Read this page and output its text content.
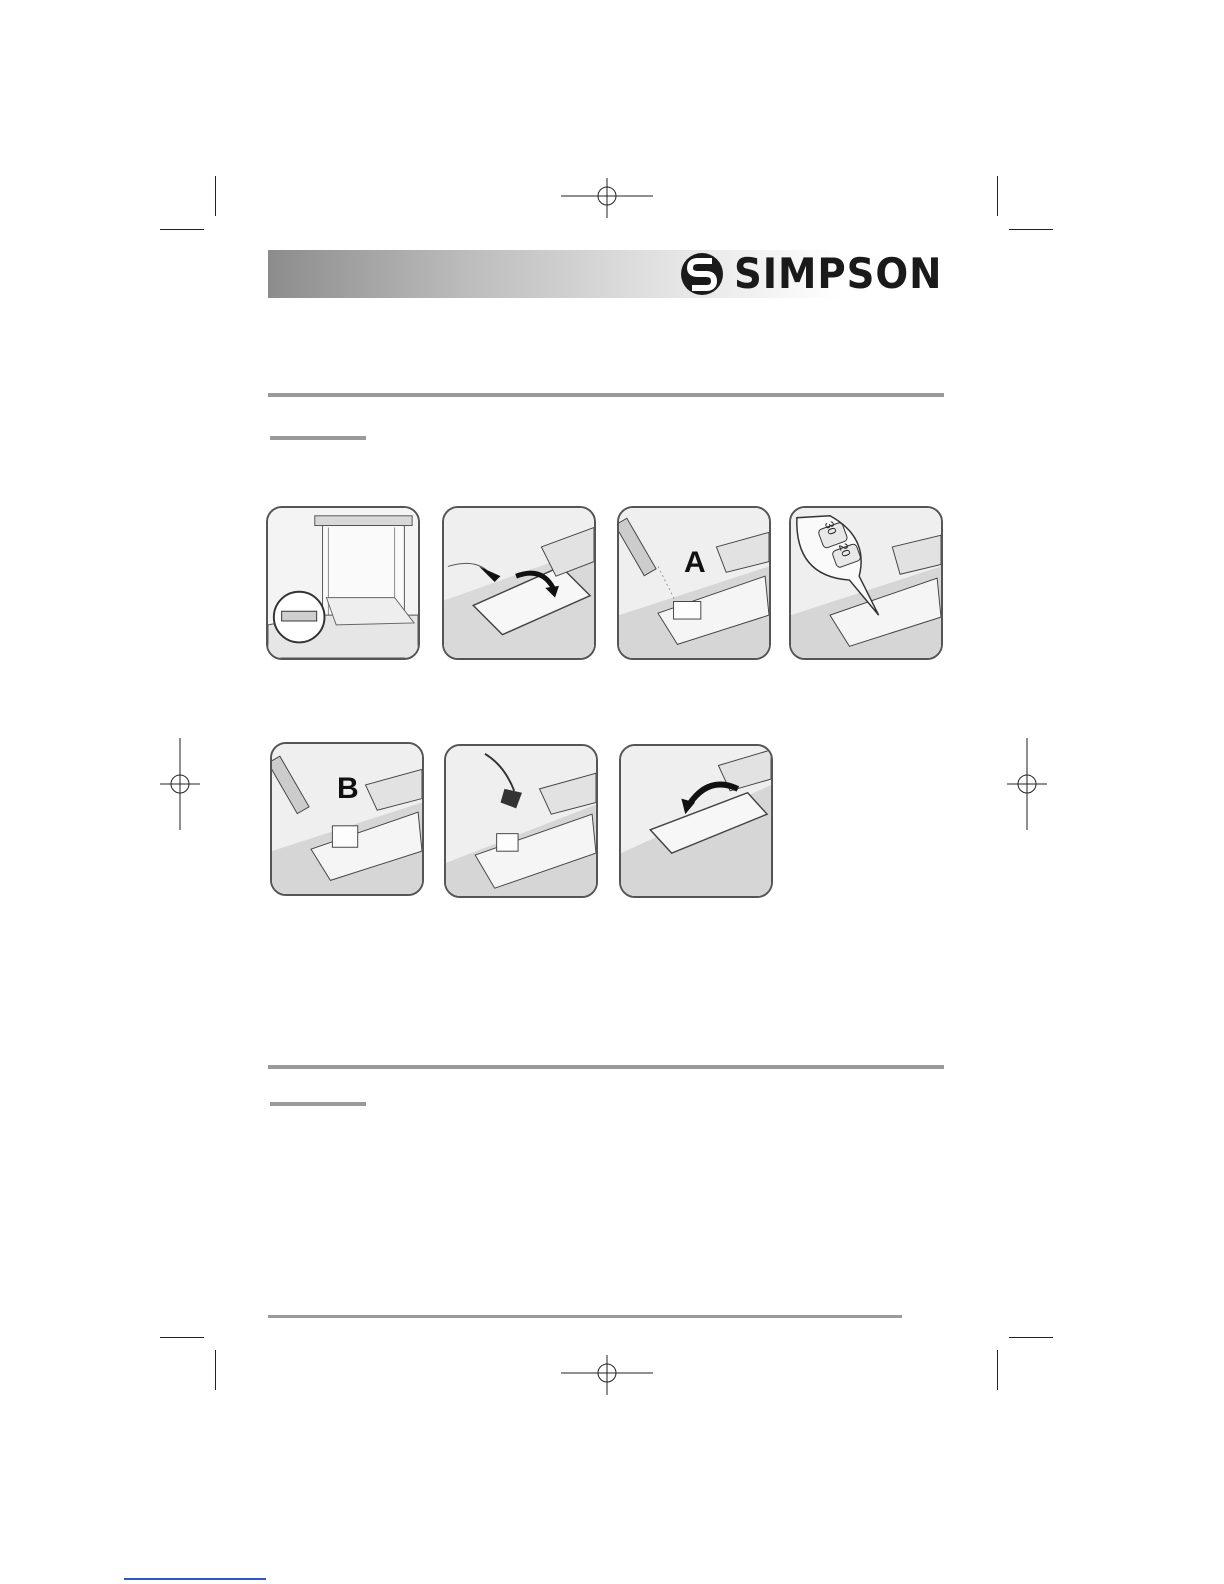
SIMPSON
A
30
20
B
